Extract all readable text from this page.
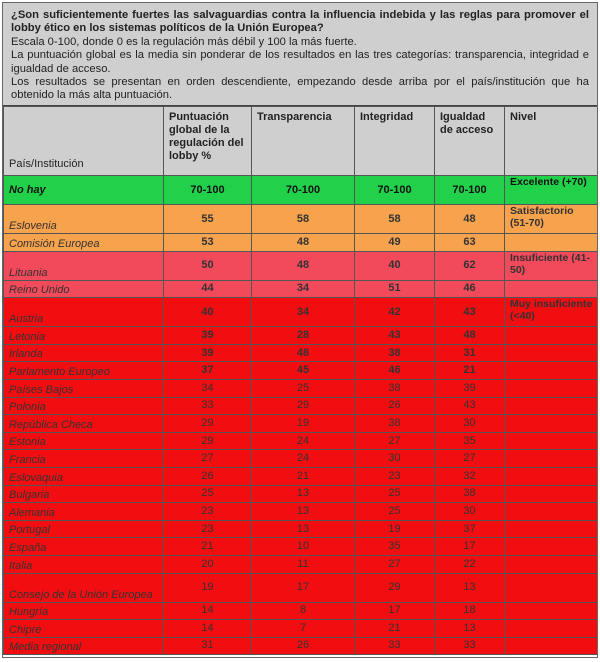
¿Son suficientemente fuertes las salvaguardias contra la influencia indebida y las reglas para promover el lobby ético en los sistemas políticos de la Unión Europea?

Escala 0-100, donde 0 es la regulación más débil y 100 la más fuerte.

La puntuación global es la media sin ponderar de los resultados en las tres categorías: transparencia, integridad e igualdad de acceso.

Los resultados se presentan en orden descendiente, empezando desde arriba por el país/institución que ha obtenido la más alta puntuación.

País/Institución	Puntuación global de la regulación del lobby %	Transparencia	Integridad	Igualdad de acceso	Nivel
No hay	70-100	70-100	70-100	70-100	Excelente (+70)
Eslovenia	55	58	58	48	Satisfactorio (51-70)
Comisión Europea	53	48	49	63	
Lituania	50	48	40	62	Insuficiente (41-50)
Reino Unido	44	34	51	46	
Austria	40	34	42	43	Muy insuficiente (<40)
Letonia	39	28	43	48	
Irlanda	39	48	38	31	
Parlamento Europeo	37	45	46	21	
Países Bajos	34	25	38	39	
Polonia	33	29	26	43	
República Checa	29	19	38	30	
Estonia	29	24	27	35	
Francia	27	24	30	27	
Eslovaquia	26	21	23	32	
Bulgaria	25	13	25	38	
Alemania	23	13	25	30	
Portugal	23	13	19	37	
España	21	10	35	17	
Italia	20	11	27	22	
Consejo de la Unión Europea	19	17	29	13	
Hungría	14	8	17	18	
Chipre	14	7	21	13	
Media regional	31	26	33	33	
